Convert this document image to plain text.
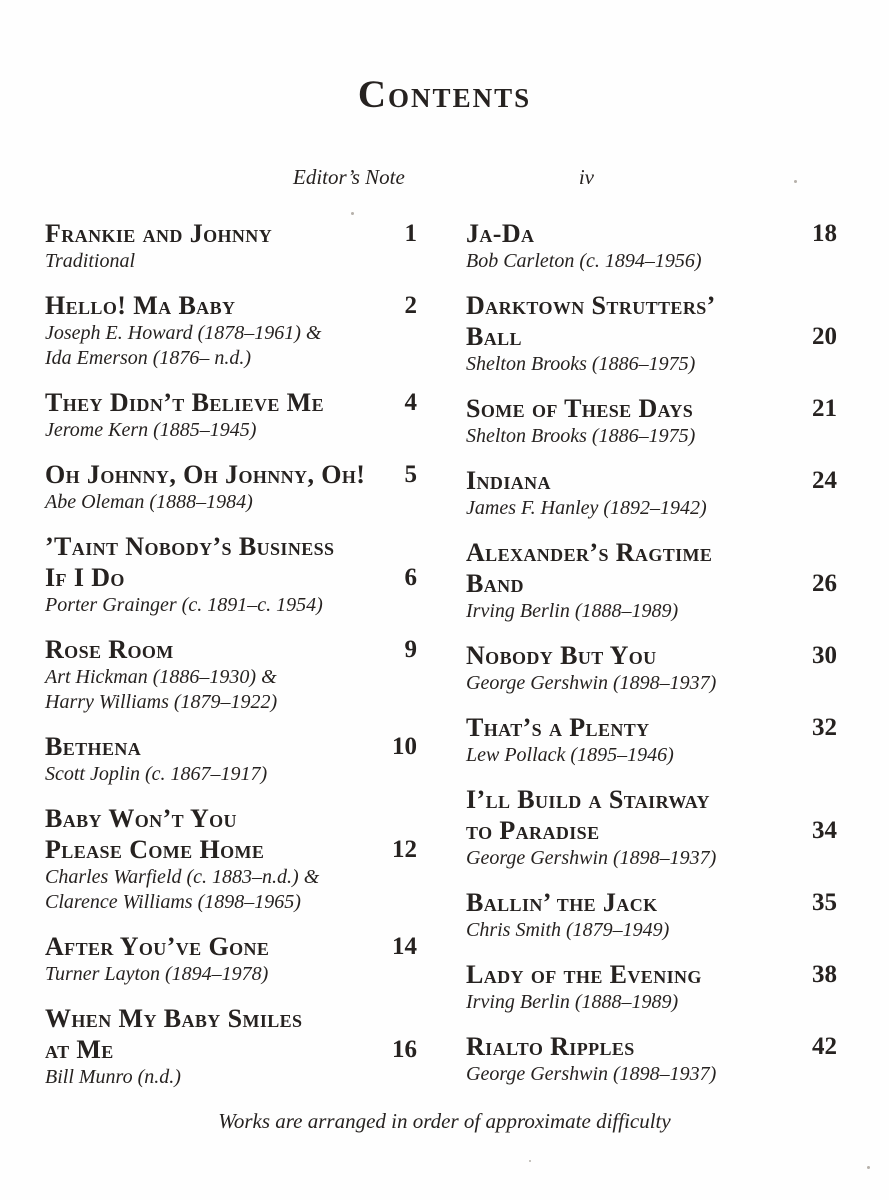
Contents
Editor’s Note	iv
Frankie and Johnny	1
Traditional
Hello! Ma Baby	2
Joseph E. Howard (1878–1961) &
Ida Emerson (1876– n.d.)
They Didn’t Believe Me	4
Jerome Kern (1885–1945)
Oh Johnny, Oh Johnny, Oh!	5
Abe Oleman (1888–1984)
’Taint Nobody’s Business
If I Do	6
Porter Grainger (c. 1891–c. 1954)
Rose Room	9
Art Hickman (1886–1930) &
Harry Williams (1879–1922)
Bethena	10
Scott Joplin (c. 1867–1917)
Baby Won’t You
Please Come Home	12
Charles Warfield (c. 1883–n.d.) &
Clarence Williams (1898–1965)
After You’ve Gone	14
Turner Layton (1894–1978)
When My Baby Smiles
at Me	16
Bill Munro (n.d.)
Ja-Da	18
Bob Carleton (c. 1894–1956)
Darktown Strutters’
Ball	20
Shelton Brooks (1886–1975)
Some of These Days	21
Shelton Brooks (1886–1975)
Indiana	24
James F. Hanley (1892–1942)
Alexander’s Ragtime
Band	26
Irving Berlin (1888–1989)
Nobody But You	30
George Gershwin (1898–1937)
That’s a Plenty	32
Lew Pollack (1895–1946)
I’ll Build a Stairway
to Paradise	34
George Gershwin (1898–1937)
Ballin’ the Jack	35
Chris Smith (1879–1949)
Lady of the Evening	38
Irving Berlin (1888–1989)
Rialto Ripples	42
George Gershwin (1898–1937)
Works are arranged in order of approximate difficulty
